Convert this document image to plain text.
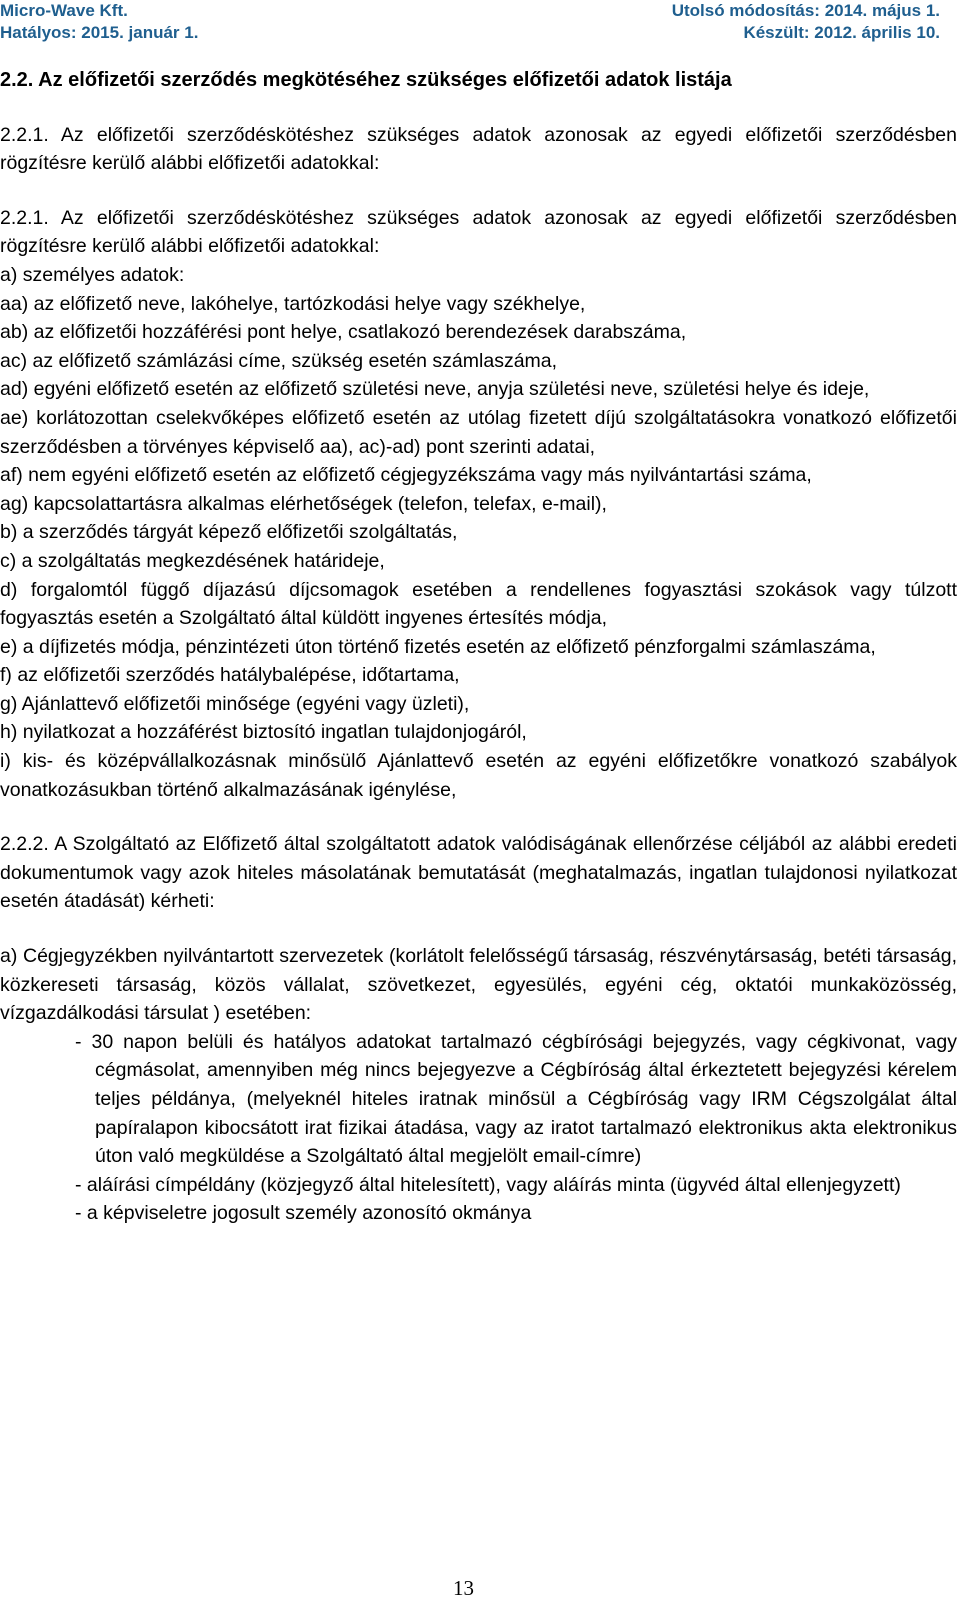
Micro-Wave Kft.	Utolsó módosítás: 2014. május 1.
Hatályos: 2015. január 1.	Készült: 2012. április 10.

2.2. Az előfizetői szerződés megkötéséhez szükséges előfizetői adatok listája

2.2.1. Az előfizetői szerződéskötéshez szükséges adatok azonosak az egyedi előfizetői szerződésben rögzítésre kerülő alábbi előfizetői adatokkal:

2.2.1. Az előfizetői szerződéskötéshez szükséges adatok azonosak az egyedi előfizetői szerződésben rögzítésre kerülő alábbi előfizetői adatokkal:

a) személyes adatok:

aa) az előfizető neve, lakóhelye, tartózkodási helye vagy székhelye,

ab) az előfizetői hozzáférési pont helye, csatlakozó berendezések darabszáma,

ac) az előfizető számlázási címe, szükség esetén számlaszáma,

ad) egyéni előfizető esetén az előfizető születési neve, anyja születési neve, születési helye és ideje,

ae) korlátozottan cselekvőképes előfizető esetén az utólag fizetett díjú szolgáltatásokra vonatkozó előfizetői szerződésben a törvényes képviselő aa), ac)-ad) pont szerinti adatai,

af) nem egyéni előfizető esetén az előfizető cégjegyzékszáma vagy más nyilvántartási száma,

ag) kapcsolattartásra alkalmas elérhetőségek (telefon, telefax, e-mail),

b) a szerződés tárgyát képező előfizetői szolgáltatás,

c) a szolgáltatás megkezdésének határideje,

d) forgalomtól függő díjazású díjcsomagok esetében a rendellenes fogyasztási szokások vagy túlzott fogyasztás esetén a Szolgáltató által küldött ingyenes értesítés módja,

e) a díjfizetés módja, pénzintézeti úton történő fizetés esetén az előfizető pénzforgalmi számlaszáma,

f) az előfizetői szerződés hatálybalépése, időtartama,

g) Ajánlattevő előfizetői minősége (egyéni vagy üzleti),

h) nyilatkozat a hozzáférést biztosító ingatlan tulajdonjogáról,

i) kis- és középvállalkozásnak minősülő Ajánlattevő esetén az egyéni előfizetőkre vonatkozó szabályok vonatkozásukban történő alkalmazásának igénylése,

2.2.2. A Szolgáltató az Előfizető által szolgáltatott adatok valódiságának ellenőrzése céljából az alábbi eredeti dokumentumok vagy azok hiteles másolatának bemutatását (meghatalmazás, ingatlan tulajdonosi nyilatkozat esetén átadását) kérheti:

a) Cégjegyzékben nyilvántartott szervezetek (korlátolt felelősségű társaság, részvénytársaság, betéti társaság, közkereseti társaság, közös vállalat, szövetkezet, egyesülés, egyéni cég, oktatói munkaközösség, vízgazdálkodási társulat ) esetében:

- 30 napon belüli és hatályos adatokat tartalmazó cégbírósági bejegyzés, vagy cégkivonat, vagy cégmásolat, amennyiben még nincs bejegyezve a Cégbíróság által érkeztetett bejegyzési kérelem teljes példánya, (melyeknél hiteles iratnak minősül a Cégbíróság vagy IRM Cégszolgálat által papíralapon kibocsátott irat fizikai átadása, vagy az iratot tartalmazó elektronikus akta elektronikus úton való megküldése a Szolgáltató által megjelölt email-címre)

- aláírási címpéldány (közjegyző által hitelesített), vagy aláírás minta (ügyvéd által ellenjegyzett)

- a képviseletre jogosult személy azonosító okmánya

13
